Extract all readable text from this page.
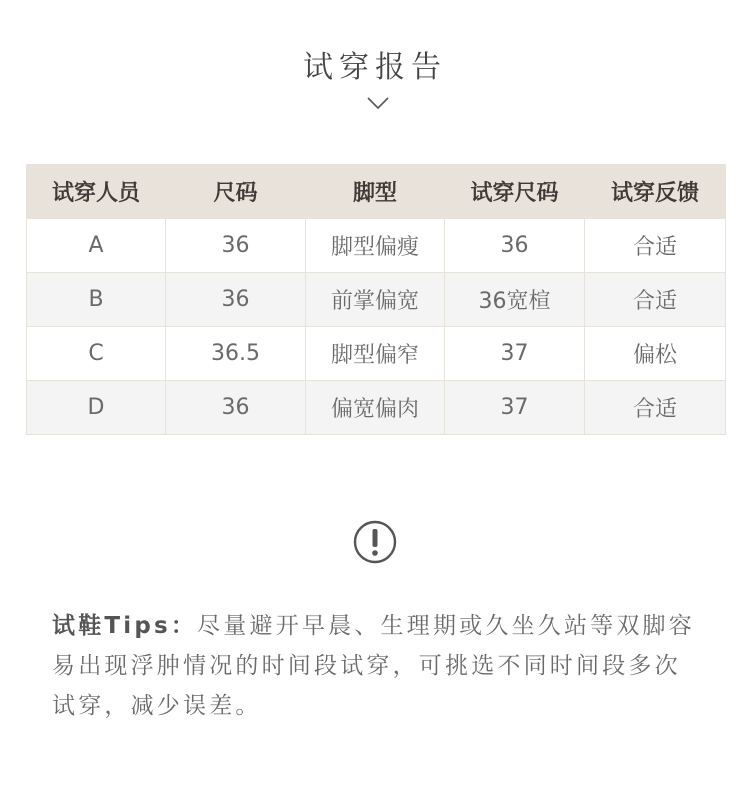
试穿报告
试穿人员	尺码	脚型	试穿尺码	试穿反馈
A	36	脚型偏瘦	36	合适
B	36	前掌偏宽	36宽楦	合适
C	36.5	脚型偏窄	37	偏松
D	36	偏宽偏肉	37	合适
试鞋Tips：尽量避开早晨、生理期或久坐久站等双脚容易出现浮肿情况的时间段试穿，可挑选不同时间段多次试穿，减少误差。
